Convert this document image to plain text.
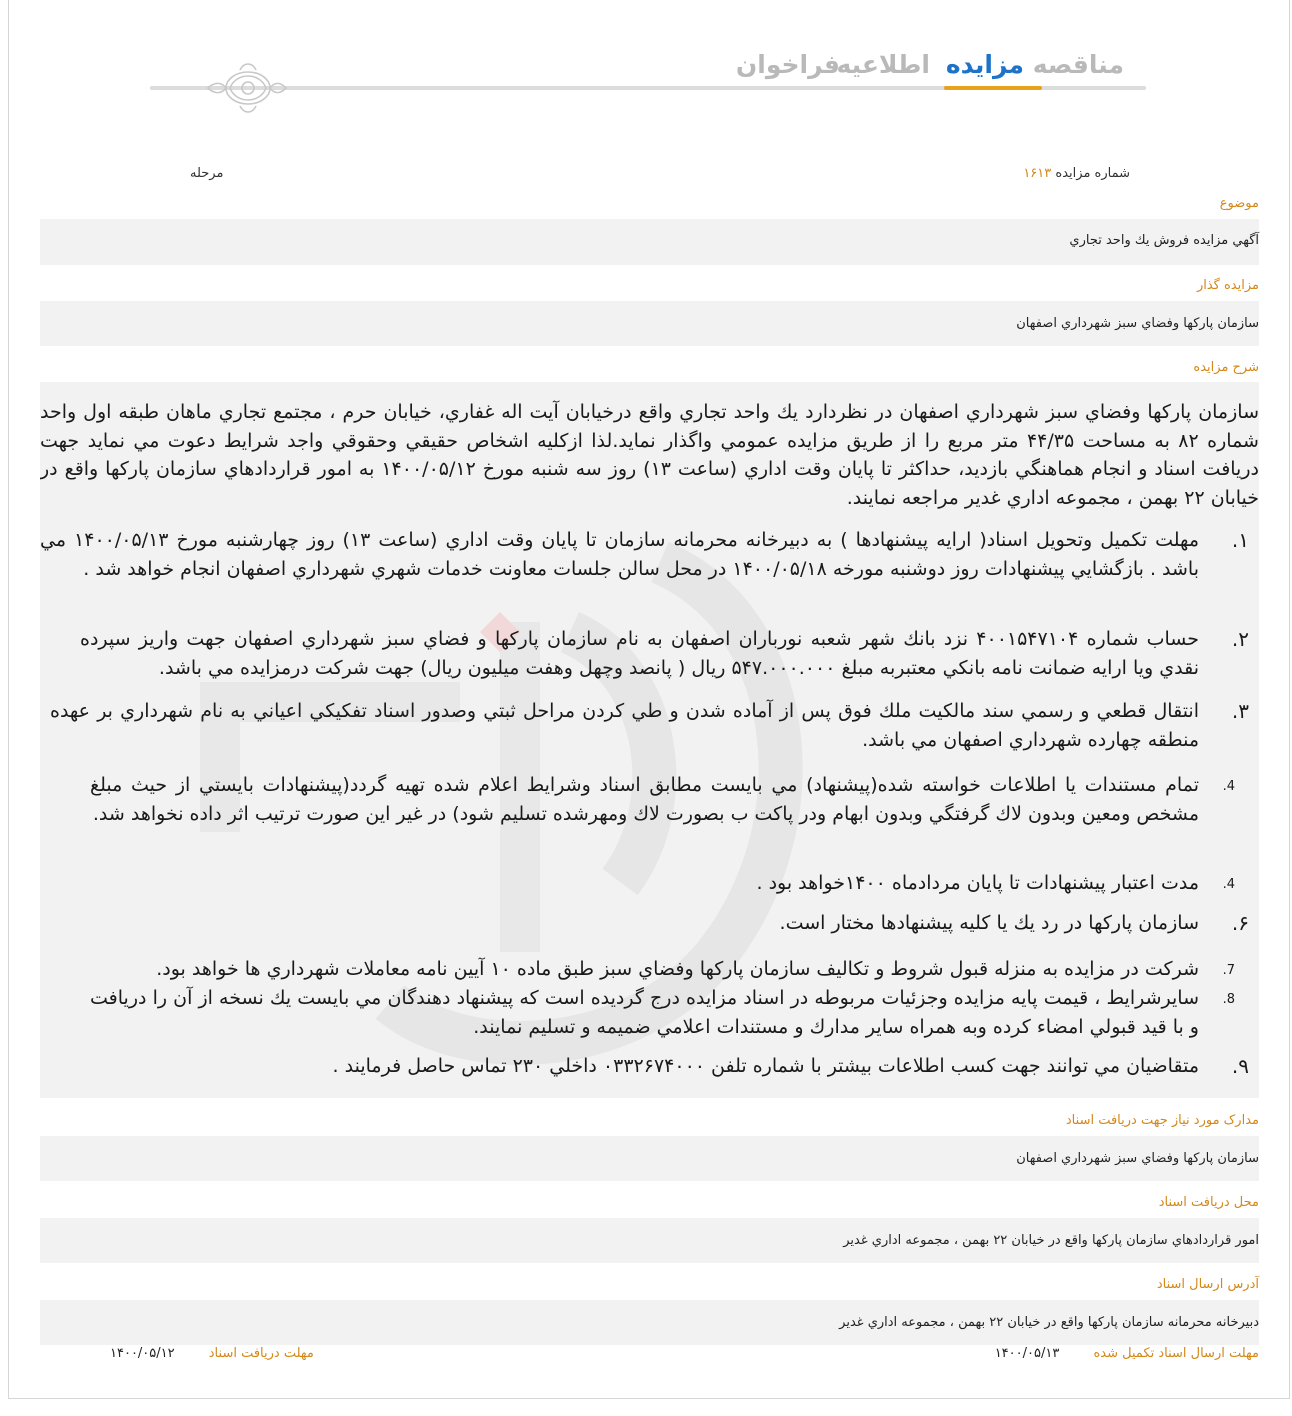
مناقصه
مزايده
اطلاعيه
فراخوان
شماره مزايده ۱۶۱۳
مرحله
موضوع
آگهي مزايده فروش يك واحد تجاري
مزايده گذار
سازمان پاركها وفضاي سبز شهرداري اصفهان
شرح مزايده

سازمان پاركها وفضاي سبز شهرداري اصفهان در نظردارد يك واحد تجاري واقع درخيابان آيت اله غفاري، خيابان حرم ، مجتمع تجاري ماهان طبقه اول واحد شماره ۸۲ به مساحت ۴۴/۳۵ متر مربع را از طريق مزايده عمومي واگذار نمايد.لذا ازكليه اشخاص حقيقي وحقوقي واجد شرايط دعوت مي نمايد جهت دريافت اسناد و انجام هماهنگي بازديد، حداكثر تا پايان وقت اداري (ساعت ۱۳) روز سه شنبه مورخ ۱۴۰۰/۰۵/۱۲ به امور قراردادهاي سازمان پاركها واقع در خيابان ۲۲ بهمن ، مجموعه اداري غدير مراجعه نمايند.

۱.
مهلت تكميل وتحويل اسناد( ارايه پيشنهادها ) به دبيرخانه محرمانه سازمان تا پايان وقت اداري (ساعت ۱۳) روز چهارشنبه مورخ ۱۴۰۰/۰۵/۱۳ مي باشد . بازگشايي پيشنهادات روز دوشنبه مورخه ۱۴۰۰/۰۵/۱۸ در محل سالن جلسات معاونت خدمات شهري شهرداري اصفهان انجام خواهد شد .
۲.
حساب شماره ۴۰۰۱۵۴۷۱۰۴ نزد بانك شهر شعبه نورباران اصفهان به نام سازمان پاركها و فضاي سبز شهرداري اصفهان جهت واريز سپرده نقدي ويا ارايه ضمانت نامه بانكي معتبربه مبلغ ۵۴۷.۰۰۰.۰۰۰ ريال ( پانصد وچهل وهفت ميليون ريال) جهت شركت درمزايده مي باشد.
۳.
انتقال قطعي و رسمي سند مالكيت ملك فوق پس از آماده شدن و طي كردن مراحل ثبتي وصدور اسناد تفكيكي اعياني به نام شهرداري بر عهده منطقه چهارده شهرداري اصفهان مي باشد.
4.
تمام مستندات يا اطلاعات خواسته شده(پيشنهاد) مي بايست مطابق اسناد وشرايط اعلام شده تهيه گردد(پيشنهادات بايستي از حيث مبلغ مشخص ومعين وبدون لاك گرفتگي وبدون ابهام ودر پاكت ب بصورت لاك ومهرشده تسليم شود) در غير اين صورت ترتيب اثر داده نخواهد شد.
4.
مدت اعتبار پيشنهادات تا پايان مردادماه ۱۴۰۰خواهد بود .
۶.
سازمان پاركها در رد يك يا كليه پيشنهادها مختار است.
7.
شركت در مزايده به منزله قبول شروط و تكاليف سازمان پاركها وفضاي سبز طبق ماده ۱۰ آيين نامه معاملات شهرداري ها خواهد بود.
8.
سايرشرايط ، قيمت پايه مزايده وجزئيات مربوطه در اسناد مزايده درج گرديده است كه پيشنهاد دهندگان مي بايست يك نسخه از آن را دريافت و با قيد قبولي امضاء كرده وبه همراه ساير مدارك و مستندات اعلامي ضميمه و تسليم نمايند.
۹.
متقاضيان مي توانند جهت كسب اطلاعات بيشتر با شماره تلفن ۰۳۳۲۶۷۴۰۰۰ داخلي ۲۳۰ تماس حاصل فرمايند .
مدارک مورد نیاز جهت دریافت اسناد
سازمان پاركها وفضاي سبز شهرداري اصفهان
محل دریافت اسناد
امور قراردادهاي سازمان پاركها واقع در خيابان ۲۲ بهمن ، مجموعه اداري غدير
آدرس ارسال اسناد
دبيرخانه محرمانه سازمان پاركها واقع در خيابان ۲۲ بهمن ، مجموعه اداري غدير
مهلت ارسال اسناد تکمیل شده ۱۴۰۰/۰۵/۱۳
مهلت دریافت اسناد ۱۴۰۰/۰۵/۱۲
